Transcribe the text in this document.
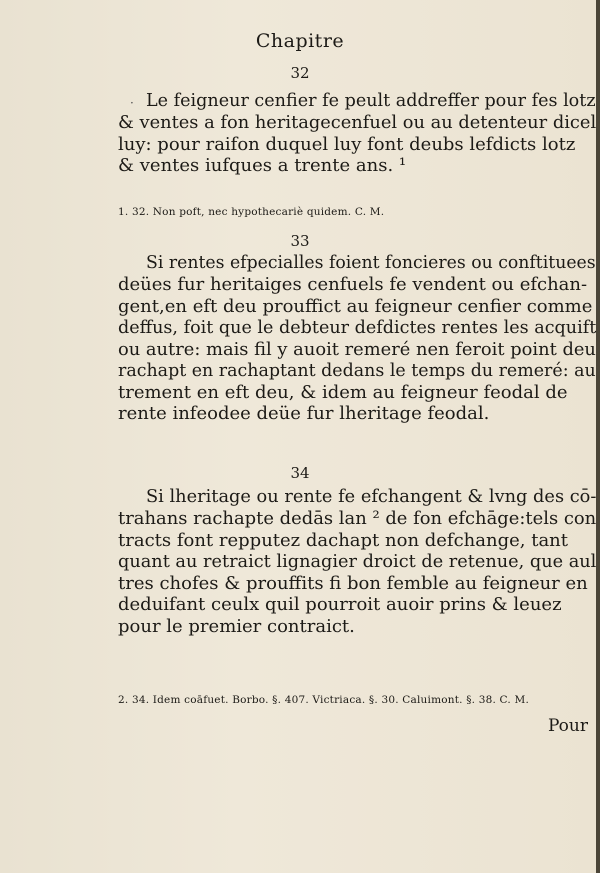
Chapitre
32
· Le feigneur cenfier fe peult addreffer pour fes lotz
& ventes a fon heritagecenfuel ou au detenteur dicel
luy: pour raifon duquel luy font deubs lefdicts lotz
& ventes iufques a trente ans. ¹
1. 32. Non poft, nec hypothecariè quidem. C. M.
33
Si rentes efpecialles foient foncieres ou conftituees
deües fur heritaiges cenfuels fe vendent ou efchan-
gent,en eft deu prouffict au feigneur cenfier comme
deffus, foit que le debteur defdictes rentes les acquift
ou autre: mais fil y auoit remeré nen feroit point deu
rachapt en rachaptant dedans le temps du remeré: au
trement en eft deu, & idem au feigneur feodal de
rente infeodee deüe fur lheritage feodal.
34
Si lheritage ou rente fe efchangent & lvng des cō-
trahans rachapte dedās lan ² de fon efchāge:tels con
tracts font repputez dachapt non defchange, tant
quant au retraict lignagier droict de retenue, que aul
tres chofes & prouffits fi bon femble au feigneur en
deduifant ceulx quil pourroit auoir prins & leuez
pour le premier contraict.
2. 34. Idem coāfuet. Borbo. §. 407. Victriaca. §. 30. Caluimont. §. 38. C. M.
Pour
